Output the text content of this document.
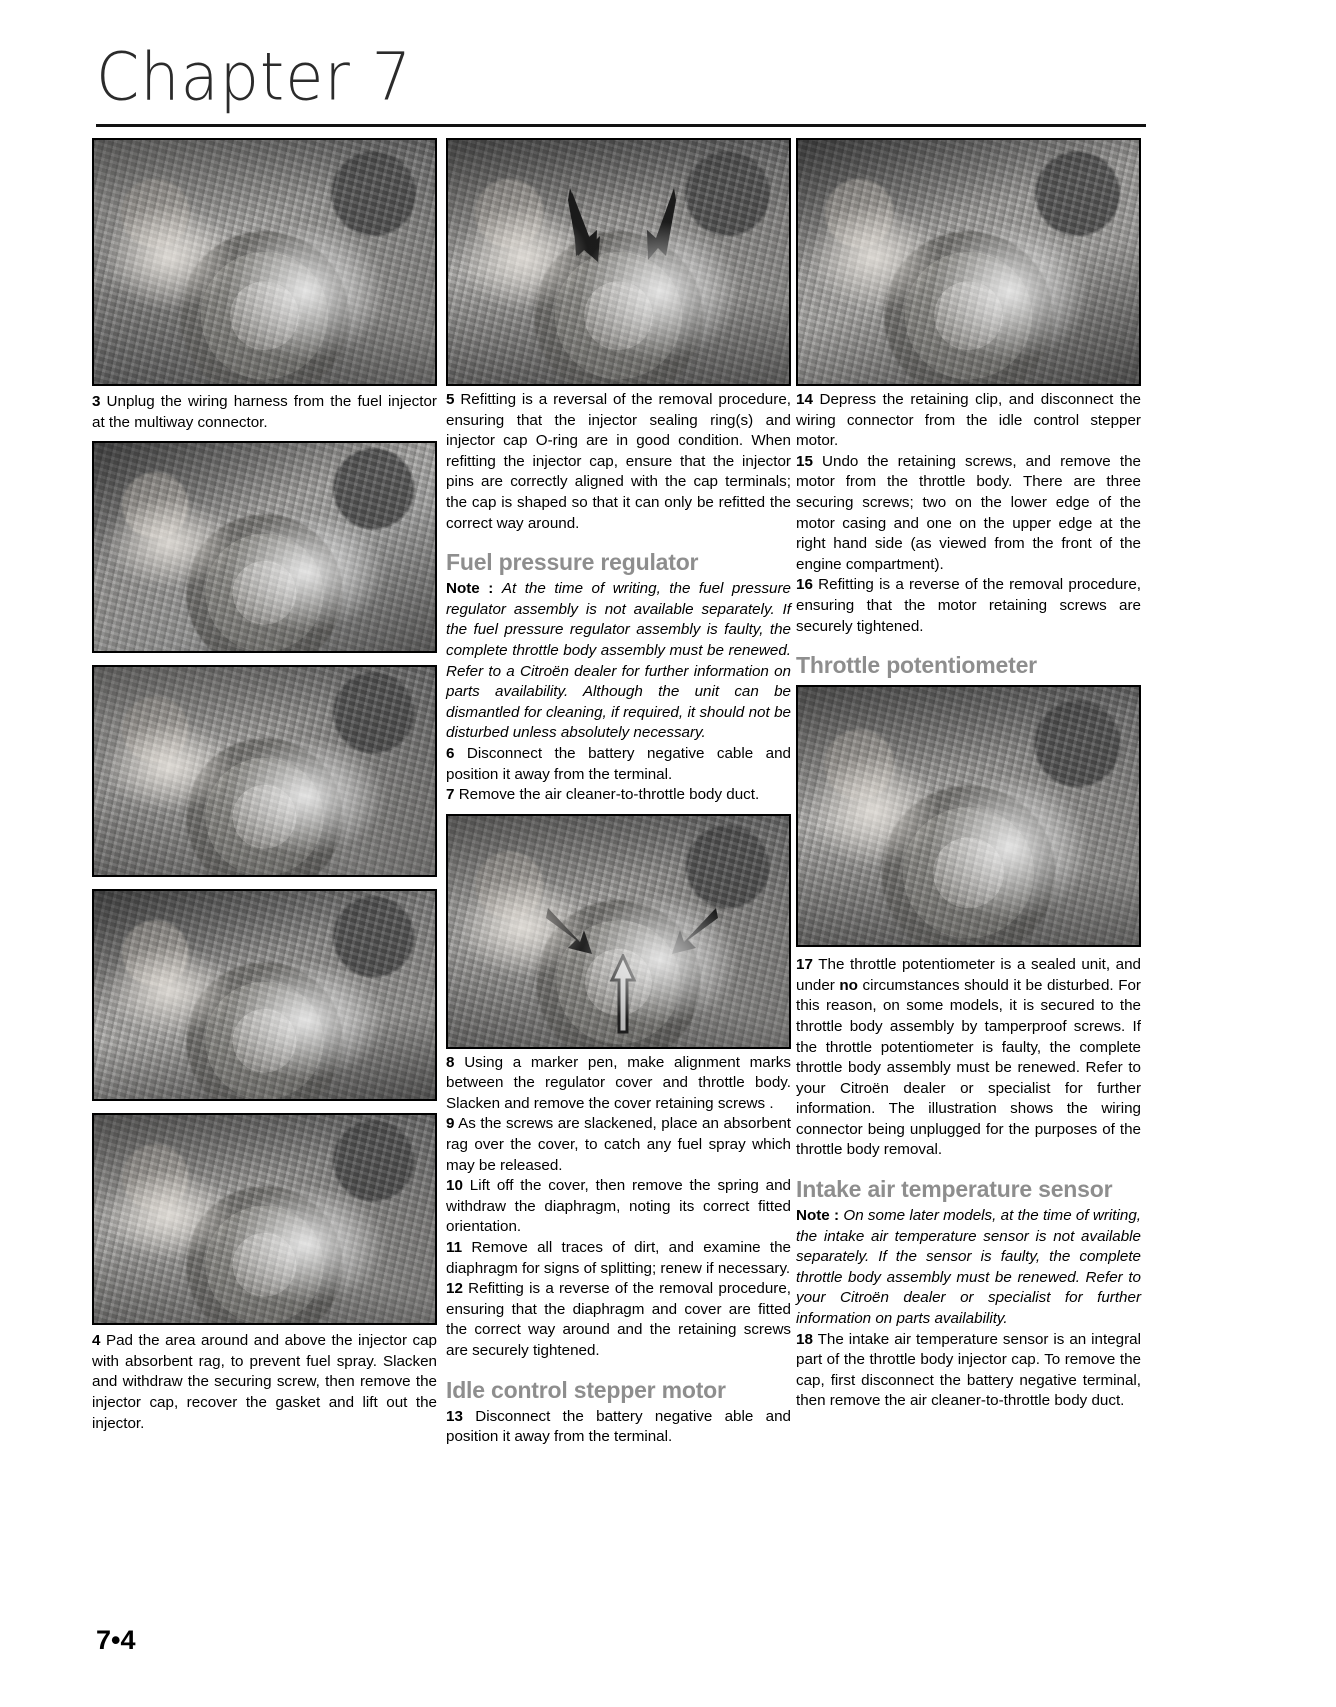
Chapter 7

3 Unplug the wiring harness from the fuel injector at the multiway connector.

4 Pad the area around and above the injector cap with absorbent rag, to prevent fuel spray. Slacken and withdraw the securing screw, then remove the injector cap, recover the gasket and lift out the injector.

5 Refitting is a reversal of the removal procedure, ensuring that the injector sealing ring(s) and injector cap O-ring are in good condition. When refitting the injector cap, ensure that the injector pins are correctly aligned with the cap terminals; the cap is shaped so that it can only be refitted the correct way around.

Fuel pressure regulator

Note : At the time of writing, the fuel pressure regulator assembly is not available separately. If the fuel pressure regulator assembly is faulty, the complete throttle body assembly must be renewed. Refer to a Citroën dealer for further information on parts availability. Although the unit can be dismantled for cleaning, if required, it should not be disturbed unless absolutely necessary.

6 Disconnect the battery negative cable and position it away from the terminal.

7 Remove the air cleaner-to-throttle body duct.

8 Using a marker pen, make alignment marks between the regulator cover and throttle body. Slacken and remove the cover retaining screws .

9 As the screws are slackened, place an absorbent rag over the cover, to catch any fuel spray which may be released.

10 Lift off the cover, then remove the spring and withdraw the diaphragm, noting its correct fitted orientation.

11 Remove all traces of dirt, and examine the diaphragm for signs of splitting; renew if necessary.

12 Refitting is a reverse of the removal procedure, ensuring that the diaphragm and cover are fitted the correct way around and the retaining screws are securely tightened.

Idle control stepper motor

13 Disconnect the battery negative able and position it away from the terminal.

14 Depress the retaining clip, and disconnect the wiring connector from the idle control stepper motor.

15 Undo the retaining screws, and remove the motor from the throttle body. There are three securing screws; two on the lower edge of the motor casing and one on the upper edge at the right hand side (as viewed from the front of the engine compartment).

16 Refitting is a reverse of the removal procedure, ensuring that the motor retaining screws are securely tightened.

Throttle potentiometer

17 The throttle potentiometer is a sealed unit, and under no circumstances should it be disturbed. For this reason, on some models, it is secured to the throttle body assembly by tamperproof screws. If the throttle potentiometer is faulty, the complete throttle body assembly must be renewed. Refer to your Citroën dealer or specialist for further information. The illustration shows the wiring connector being unplugged for the purposes of the throttle body removal.

Intake air temperature sensor

Note : On some later models, at the time of writing, the intake air temperature sensor is not available separately. If the sensor is faulty, the complete throttle body assembly must be renewed. Refer to your Citroën dealer or specialist for further information on parts availability.

18 The intake air temperature sensor is an integral part of the throttle body injector cap. To remove the cap, first disconnect the battery negative terminal, then remove the air cleaner-to-throttle body duct.

7•4
